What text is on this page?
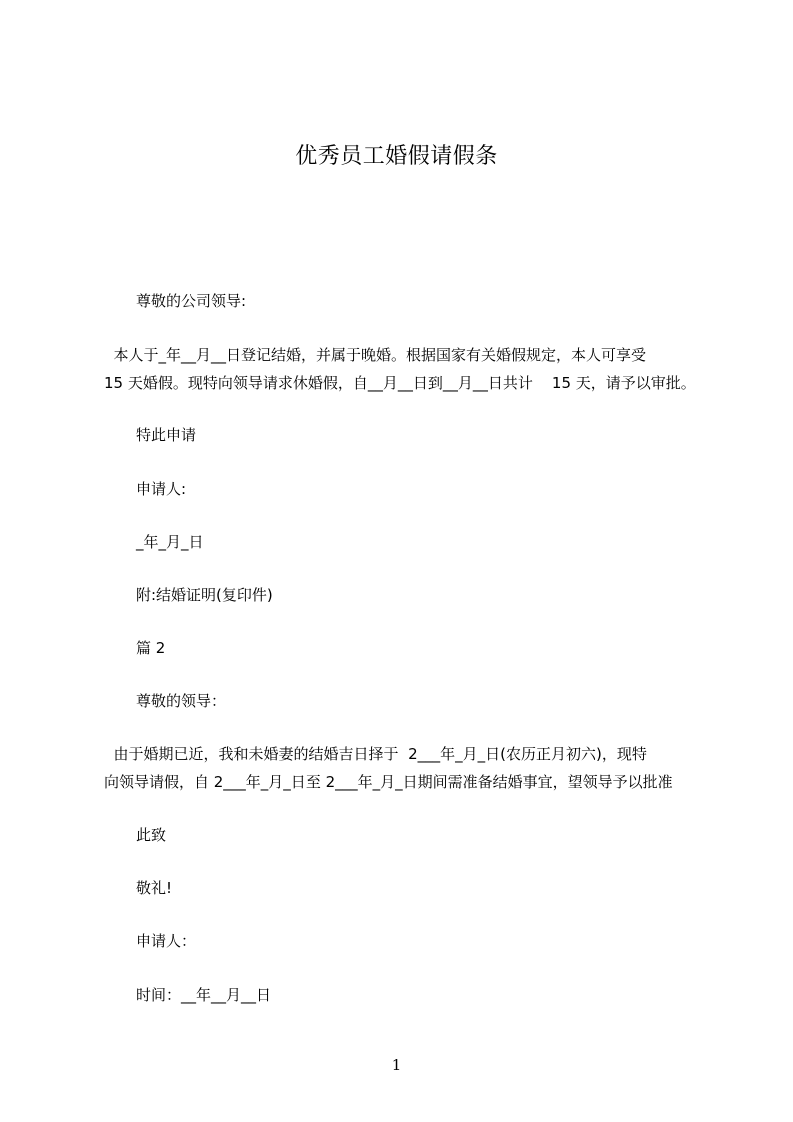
优秀员工婚假请假条
尊敬的公司领导:
本人于_年__月__日登记结婚，并属于晚婚。根据国家有关婚假规定，本人可享受
15 天婚假。现特向领导请求休婚假，自__月__日到__月__日共计    15 天，请予以审批。
特此申请
申请人:
_年_月_日
附:结婚证明(复印件)
篇 2
尊敬的领导：
由于婚期已近，我和未婚妻的结婚吉日择于  2___年_月_日(农历正月初六)，现特
向领导请假，自 2___年_月_日至 2___年_月_日期间需准备结婚事宜，望领导予以批准
此致
敬礼!
申请人：
时间：__年__月__日
1
